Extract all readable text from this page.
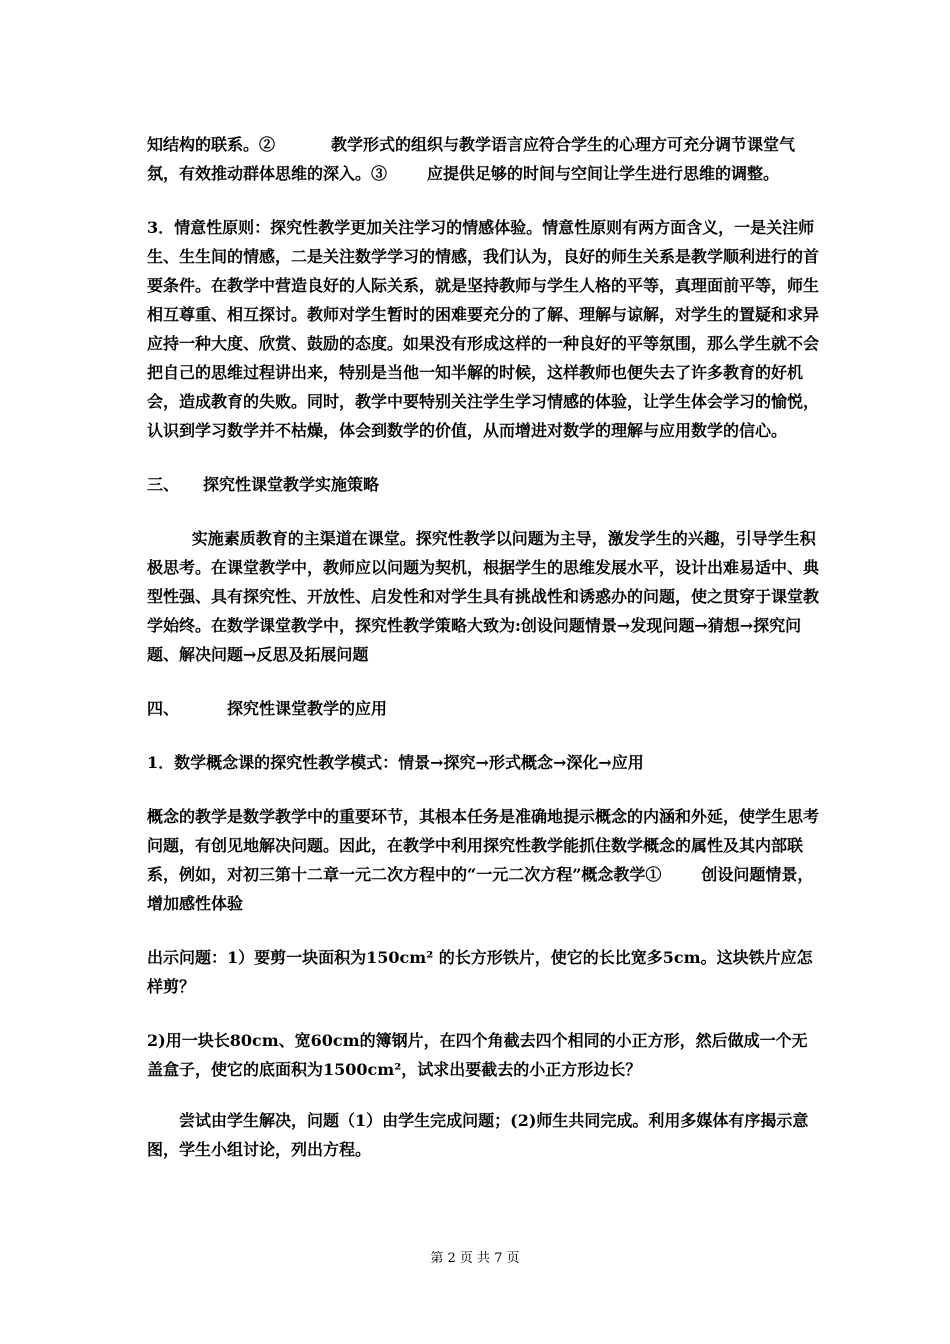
知结构的联系。②	教学形式的组织与教学语言应符合学生的心理方可充分调节课堂气氛，有效推动群体思维的深入。③	应提供足够的时间与空间让学生进行思维的调整。

3．情意性原则：探究性教学更加关注学习的情感体验。情意性原则有两方面含义，一是关注师生、生生间的情感，二是关注数学学习的情感，我们认为，良好的师生关系是教学顺利进行的首要条件。在教学中营造良好的人际关系，就是坚持教师与学生人格的平等，真理面前平等，师生相互尊重、相互探讨。教师对学生暂时的困难要充分的了解、理解与谅解，对学生的置疑和求异应持一种大度、欣赏、鼓励的态度。如果没有形成这样的一种良好的平等氛围，那么学生就不会把自己的思维过程讲出来，特别是当他一知半解的时候，这样教师也便失去了许多教育的好机会，造成教育的失败。同时，教学中要特别关注学生学习情感的体验，让学生体会学习的愉悦，认识到学习数学并不枯燥，体会到数学的价值，从而增进对数学的理解与应用数学的信心。

三、 探究性课堂教学实施策略

实施素质教育的主渠道在课堂。探究性教学以问题为主导，激发学生的兴趣，引导学生积极思考。在课堂教学中，教师应以问题为契机，根据学生的思维发展水平，设计出难易适中、典型性强、具有探究性、开放性、启发性和对学生具有挑战性和诱惑办的问题，使之贯穿于课堂教学始终。在数学课堂教学中，探究性教学策略大致为:创设问题情景→发现问题→猜想→探究问题、解决问题→反思及拓展问题

四、	探究性课堂教学的应用

1．数学概念课的探究性教学模式：情景→探究→形式概念→深化→应用

概念的教学是数学教学中的重要环节，其根本任务是准确地提示概念的内涵和外延，使学生思考问题，有创见地解决问题。因此，在教学中利用探究性教学能抓住数学概念的属性及其内部联系，例如，对初三第十二章一元二次方程中的“一元二次方程”概念教学①	创设问题情景，增加感性体验

出示问题：1）要剪一块面积为150cm² 的长方形铁片，使它的长比宽多5cm。这块铁片应怎样剪？

2)用一块长80cm、宽60cm的簿钢片，在四个角截去四个相同的小正方形，然后做成一个无盖盒子，使它的底面积为1500cm²，试求出要截去的小正方形边长？

尝试由学生解决，问题（1）由学生完成问题；(2)师生共同完成。利用多媒体有序揭示意图，学生小组讨论，列出方程。

第 2 页 共 7 页
